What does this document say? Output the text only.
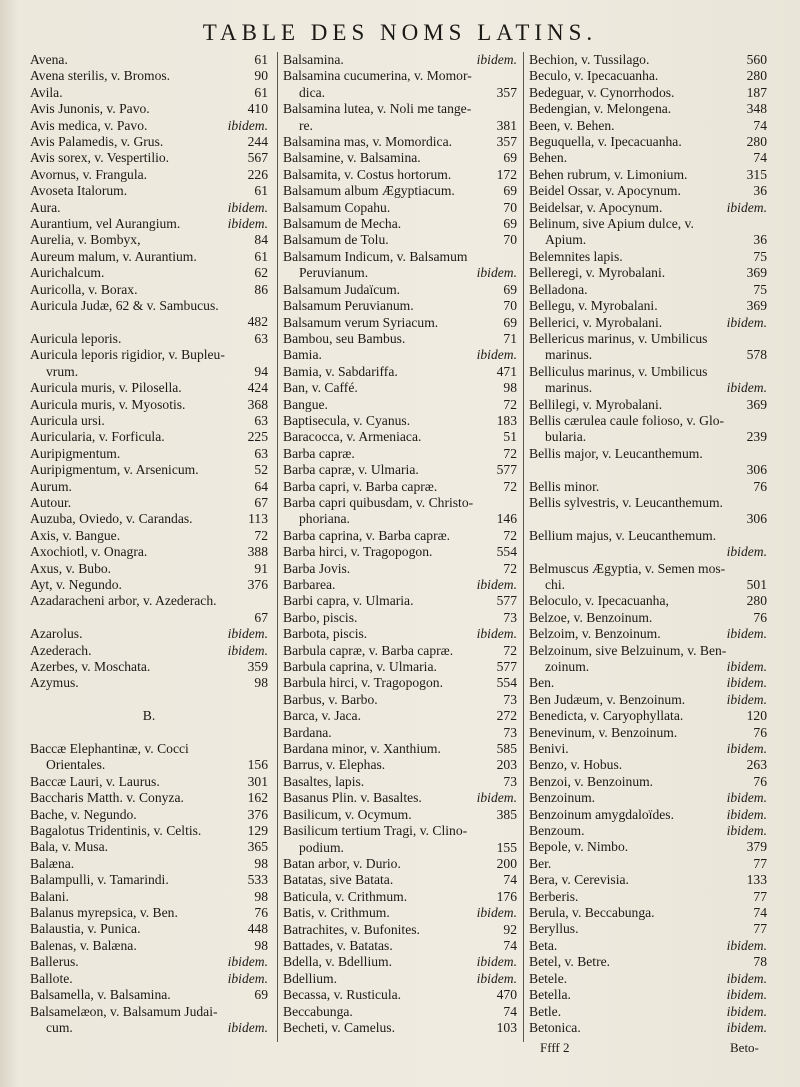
TABLE DES NOMS LATINS.
Avena.	61
Avena sterilis, v. Bromos.	90
Avila.	61
Avis Junonis, v. Pavo.	410
Avis medica, v. Pavo.	ibidem.
Avis Palamedis, v. Grus.	244
Avis sorex, v. Vespertilio.	567
Avornus, v. Frangula.	226
Avoseta Italorum.	61
Aura.	ibidem.
Aurantium, vel Aurangium.	ibidem.
Aurelia, v. Bombyx,	84
Aureum malum, v. Aurantium.	61
Aurichalcum.	62
Auricolla, v. Borax.	86
Auricula Judæ, 62 & v. Sambucus.
482
Auricula leporis.	63
Auricula leporis rigidior, v. Bupleu-
vrum.	94
Auricula muris, v. Pilosella.	424
Auricula muris, v. Myosotis.	368
Auricula ursi.	63
Auricularia, v. Forficula.	225
Auripigmentum.	63
Auripigmentum, v. Arsenicum.	52
Aurum.	64
Autour.	67
Auzuba, Oviedo, v. Carandas.	113
Axis, v. Bangue.	72
Axochiotl, v. Onagra.	388
Axus, v. Bubo.	91
Ayt, v. Negundo.	376
Azadaracheni arbor, v. Azederach.
67
Azarolus.	ibidem.
Azederach.	ibidem.
Azerbes, v. Moschata.	359
Azymus.	98
B.
Baccæ Elephantinæ, v. Cocci
Orientales.	156
Baccæ Lauri, v. Laurus.	301
Baccharis Matth. v. Conyza.	162
Bache, v. Negundo.	376
Bagalotus Tridentinis, v. Celtis.	129
Bala, v. Musa.	365
Balæna.	98
Balampulli, v. Tamarindi.	533
Balani.	98
Balanus myrepsica, v. Ben.	76
Balaustia, v. Punica.	448
Balenas, v. Balæna.	98
Ballerus.	ibidem.
Ballote.	ibidem.
Balsamella, v. Balsamina.	69
Balsamelæon, v. Balsamum Judai-
cum.	ibidem.
Balsamina.	ibidem.
Balsamina cucumerina, v. Momor-
dica.	357
Balsamina lutea, v. Noli me tange-
re.	381
Balsamina mas, v. Momordica.	357
Balsamine, v. Balsamina.	69
Balsamita, v. Costus hortorum.	172
Balsamum album Ægyptiacum.	69
Balsamum Copahu.	70
Balsamum de Mecha.	69
Balsamum de Tolu.	70
Balsamum Indicum, v. Balsamum
Peruvianum.	ibidem.
Balsamum Judaïcum.	69
Balsamum Peruvianum.	70
Balsamum verum Syriacum.	69
Bambou, seu Bambus.	71
Bamia.	ibidem.
Bamia, v. Sabdariffa.	471
Ban, v. Caffé.	98
Bangue.	72
Baptisecula, v. Cyanus.	183
Baracocca, v. Armeniaca.	51
Barba capræ.	72
Barba capræ, v. Ulmaria.	577
Barba capri, v. Barba capræ.	72
Barba capri quibusdam, v. Christo-
phoriana.	146
Barba caprina, v. Barba capræ.	72
Barba hirci, v. Tragopogon.	554
Barba Jovis.	72
Barbarea.	ibidem.
Barbi capra, v. Ulmaria.	577
Barbo, piscis.	73
Barbota, piscis.	ibidem.
Barbula capræ, v. Barba capræ.	72
Barbula caprina, v. Ulmaria.	577
Barbula hirci, v. Tragopogon.	554
Barbus, v. Barbo.	73
Barca, v. Jaca.	272
Bardana.	73
Bardana minor, v. Xanthium.	585
Barrus, v. Elephas.	203
Basaltes, lapis.	73
Basanus Plin. v. Basaltes.	ibidem.
Basilicum, v. Ocymum.	385
Basilicum tertium Tragi, v. Clino-
podium.	155
Batan arbor, v. Durio.	200
Batatas, sive Batata.	74
Baticula, v. Crithmum.	176
Batis, v. Crithmum.	ibidem.
Batrachites, v. Bufonites.	92
Battades, v. Batatas.	74
Bdella, v. Bdellium.	ibidem.
Bdellium.	ibidem.
Becassa, v. Rusticula.	470
Beccabunga.	74
Becheti, v. Camelus.	103
Bechion, v. Tussilago.	560
Beculo, v. Ipecacuanha.	280
Bedeguar, v. Cynorrhodos.	187
Bedengian, v. Melongena.	348
Been, v. Behen.	74
Beguquella, v. Ipecacuanha.	280
Behen.	74
Behen rubrum, v. Limonium.	315
Beidel Ossar, v. Apocynum.	36
Beidelsar, v. Apocynum.	ibidem.
Belinum, sive Apium dulce, v.
Apium.	36
Belemnites lapis.	75
Belleregi, v. Myrobalani.	369
Belladona.	75
Bellegu, v. Myrobalani.	369
Bellerici, v. Myrobalani.	ibidem.
Bellericus marinus, v. Umbilicus
marinus.	578
Belliculus marinus, v. Umbilicus
marinus.	ibidem.
Bellilegi, v. Myrobalani.	369
Bellis cærulea caule folioso, v. Glo-
bularia.	239
Bellis major, v. Leucanthemum.
306
Bellis minor.	76
Bellis sylvestris, v. Leucanthemum.
306
Bellium majus, v. Leucanthemum.
ibidem.
Belmuscus Ægyptia, v. Semen mos-
chi.	501
Beloculo, v. Ipecacuanha,	280
Belzoe, v. Benzoinum.	76
Belzoim, v. Benzoinum.	ibidem.
Belzoinum, sive Belzuinum, v. Ben-
zoinum.	ibidem.
Ben.	ibidem.
Ben Judæum, v. Benzoinum.	ibidem.
Benedicta, v. Caryophyllata.	120
Benevinum, v. Benzoinum.	76
Benivi.	ibidem.
Benzo, v. Hobus.	263
Benzoi, v. Benzoinum.	76
Benzoinum.	ibidem.
Benzoinum amygdaloïdes.	ibidem.
Benzoum.	ibidem.
Bepole, v. Nimbo.	379
Ber.	77
Bera, v. Cerevisia.	133
Berberis.	77
Berula, v. Beccabunga.	74
Beryllus.	77
Beta.	ibidem.
Betel, v. Betre.	78
Betele.	ibidem.
Betella.	ibidem.
Betle.	ibidem.
Betonica.	ibidem.
Ffff 2	Beto-
